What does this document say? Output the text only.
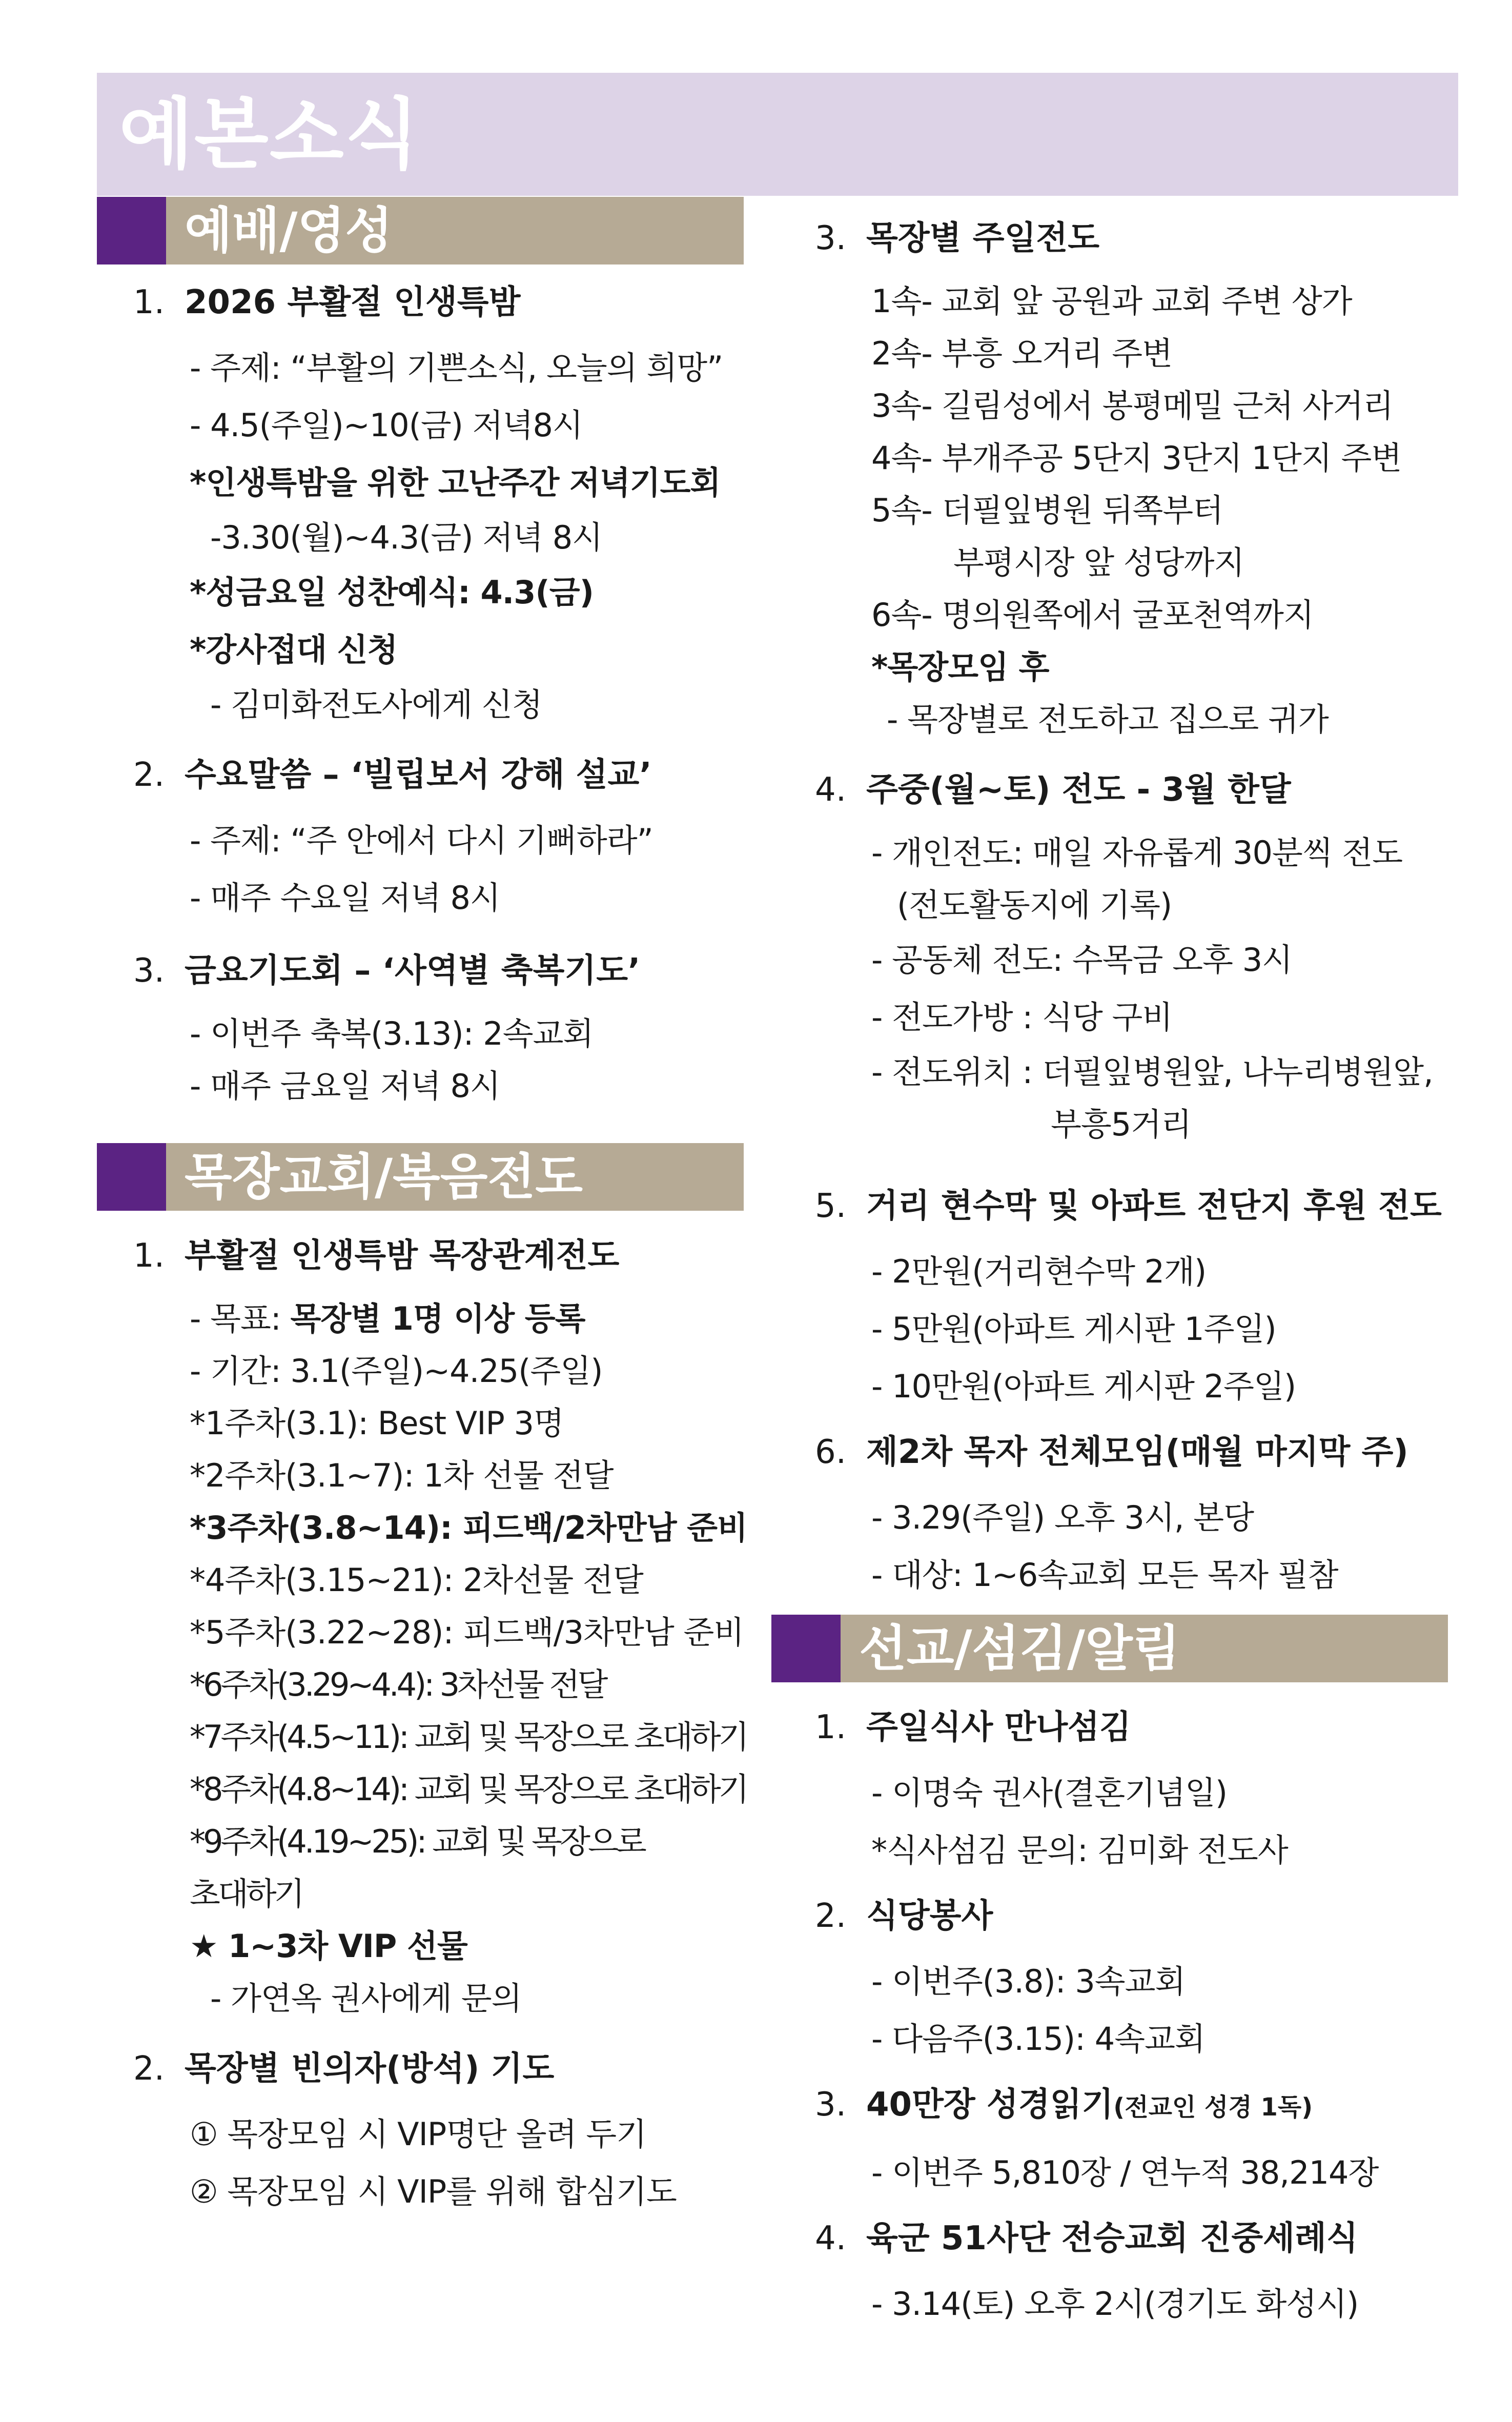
예본소식
예배/영성
목장교회/복음전도
선교/섬김/알림
1. 2026 부활절 인생특밤
- 주제: “부활의 기쁜소식, 오늘의 희망”
- 4.5(주일)~10(금) 저녁8시
*인생특밤을 위한 고난주간 저녁기도회
-3.30(월)~4.3(금) 저녁 8시
*성금요일 성찬예식: 4.3(금)
*강사접대 신청
- 김미화전도사에게 신청
2. 수요말씀 – ‘빌립보서 강해 설교’
- 주제: “주 안에서 다시 기뻐하라”
- 매주 수요일 저녁 8시
3. 금요기도회 – ‘사역별 축복기도’
- 이번주 축복(3.13): 2속교회
- 매주 금요일 저녁 8시
1. 부활절 인생특밤 목장관계전도
- 목표: 목장별 1명 이상 등록
- 기간: 3.1(주일)~4.25(주일)
*1주차(3.1): Best VIP 3명
*2주차(3.1~7): 1차 선물 전달
*3주차(3.8~14): 피드백/2차만남 준비
*4주차(3.15~21): 2차선물 전달
*5주차(3.22~28): 피드백/3차만남 준비
*6주차(3.29~4.4): 3차선물 전달
*7주차(4.5~11): 교회 및 목장으로 초대하기
*8주차(4.8~14): 교회 및 목장으로 초대하기
*9주차(4.19~25): 교회 및 목장으로
초대하기
★ 1~3차 VIP 선물
- 가연옥 권사에게 문의
2. 목장별 빈의자(방석) 기도
① 목장모임 시 VIP명단 올려 두기
② 목장모임 시 VIP를 위해 합심기도
3. 목장별 주일전도
1속- 교회 앞 공원과 교회 주변 상가
2속- 부흥 오거리 주변
3속- 길림성에서 봉평메밀 근처 사거리
4속- 부개주공 5단지 3단지 1단지 주변
5속- 더필잎병원 뒤쪽부터
부평시장 앞 성당까지
6속- 명의원쪽에서 굴포천역까지
*목장모임 후
- 목장별로 전도하고 집으로 귀가
4. 주중(월~토) 전도 - 3월 한달
- 개인전도: 매일 자유롭게 30분씩 전도
(전도활동지에 기록)
- 공동체 전도: 수목금 오후 3시
- 전도가방 : 식당 구비
- 전도위치 : 더필잎병원앞, 나누리병원앞,
부흥5거리
5. 거리 현수막 및 아파트 전단지 후원 전도
- 2만원(거리현수막 2개)
- 5만원(아파트 게시판 1주일)
- 10만원(아파트 게시판 2주일)
6. 제2차 목자 전체모임(매월 마지막 주)
- 3.29(주일) 오후 3시, 본당
- 대상: 1~6속교회 모든 목자 필참
1. 주일식사 만나섬김
- 이명숙 권사(결혼기념일)
*식사섬김 문의: 김미화 전도사
2. 식당봉사
- 이번주(3.8): 3속교회
- 다음주(3.15): 4속교회
3. 40만장 성경읽기(전교인 성경 1독)
- 이번주 5,810장 / 연누적 38,214장
4. 육군 51사단 전승교회 진중세례식
- 3.14(토) 오후 2시(경기도 화성시)
